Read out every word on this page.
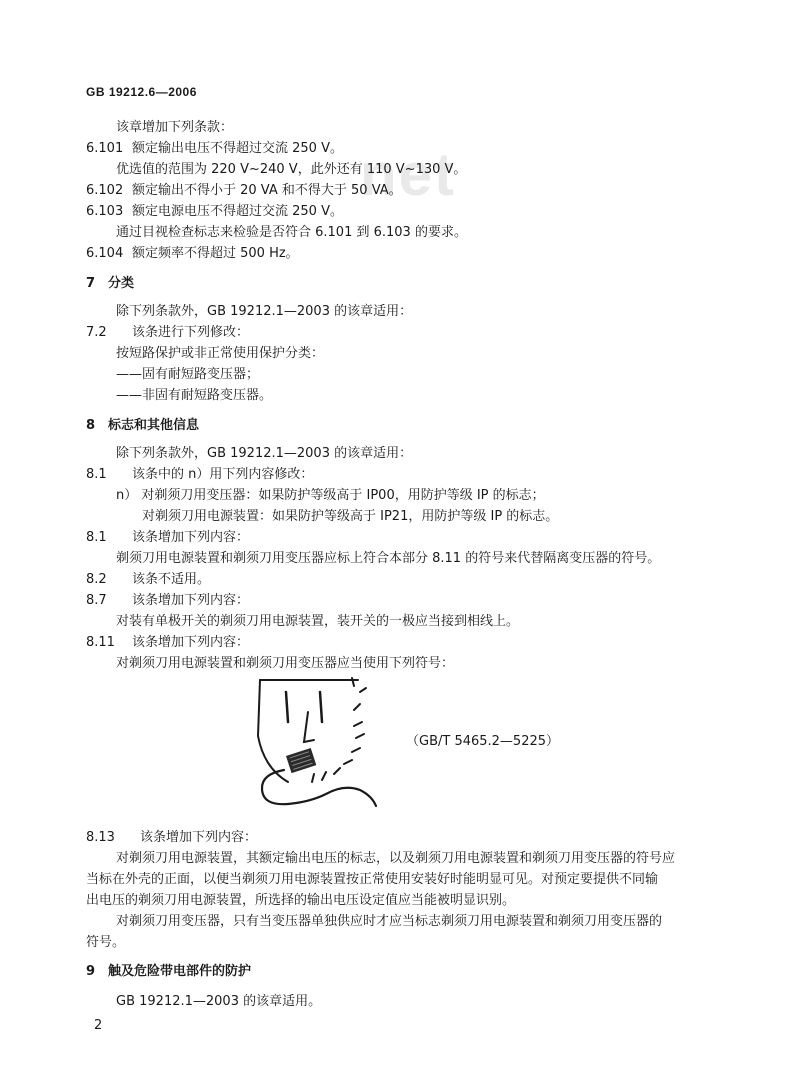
net
GB 19212.6—2006
该章增加下列条款：
6.101 额定输出电压不得超过交流 250 V。
优选值的范围为 220 V~240 V，此外还有 110 V~130 V。
6.102 额定输出不得小于 20 VA 和不得大于 50 VA。
6.103 额定电源电压不得超过交流 250 V。
通过目视检查标志来检验是否符合 6.101 到 6.103 的要求。
6.104 额定频率不得超过 500 Hz。
7 分类
除下列条款外，GB 19212.1—2003 的该章适用：
7.2 该条进行下列修改：
按短路保护或非正常使用保护分类：
——固有耐短路变压器；
——非固有耐短路变压器。
8 标志和其他信息
除下列条款外，GB 19212.1—2003 的该章适用：
8.1 该条中的 n）用下列内容修改：
n） 对剃须刀用变压器：如果防护等级高于 IP00，用防护等级 IP 的标志；
对剃须刀用电源装置：如果防护等级高于 IP21，用防护等级 IP 的标志。
8.1 该条增加下列内容：
剃须刀用电源装置和剃须刀用变压器应标上符合本部分 8.11 的符号来代替隔离变压器的符号。
8.2 该条不适用。
8.7 该条增加下列内容：
对装有单极开关的剃须刀用电源装置，装开关的一极应当接到相线上。
8.11 该条增加下列内容：
对剃须刀用电源装置和剃须刀用变压器应当使用下列符号：
（GB/T 5465.2—5225）
8.13 该条增加下列内容：
对剃须刀用电源装置，其额定输出电压的标志，以及剃须刀用电源装置和剃须刀用变压器的符号应
当标在外壳的正面，以便当剃须刀用电源装置按正常使用安装好时能明显可见。对预定要提供不同输
出电压的剃须刀用电源装置，所选择的输出电压设定值应当能被明显识别。
对剃须刀用变压器，只有当变压器单独供应时才应当标志剃须刀用电源装置和剃须刀用变压器的
符号。
9 触及危险带电部件的防护
GB 19212.1—2003 的该章适用。
2
